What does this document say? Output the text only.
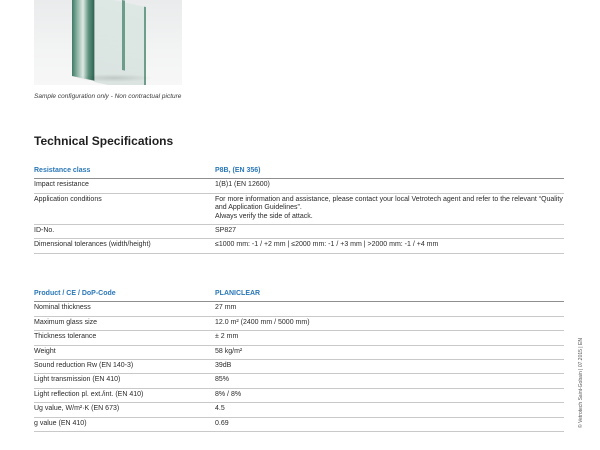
Sample configuration only - Non contractual picture
Technical Specifications
Resistance class	P8B, (EN 356)
Impact resistance	1(B)1 (EN 12600)
Application conditions	For more information and assistance, please contact your local Vetrotech agent and refer to the relevant “Quality and Application Guidelines”.
Always verify the side of attack.
ID-No.	SP827
Dimensional tolerances (width/height)	≤1000 mm: -1 / +2 mm | ≤2000 mm: -1 / +3 mm | >2000 mm: -1 / +4 mm
Product / CE / DoP-Code	PLANICLEAR
Nominal thickness	27 mm
Maximum glass size	12.0 m² (2400 mm / 5000 mm)
Thickness tolerance	± 2 mm
Weight	58 kg/m²
Sound reduction Rw (EN 140-3)	39dB
Light transmission (EN 410)	85%
Light reflection pl. ext./int. (EN 410)	8% / 8%
Ug value, W/m²·K (EN 673)	4.5
g value (EN 410)	0.69	© Vetrotech Saint-Gobain | 07.2015 | EN
